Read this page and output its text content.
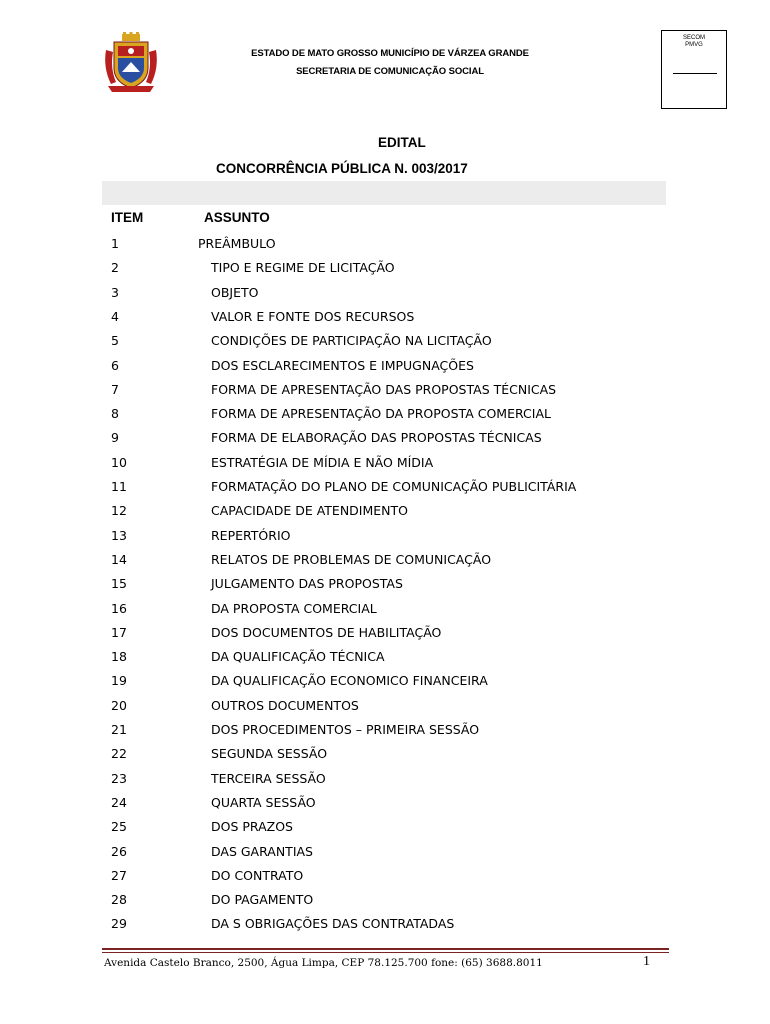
ESTADO DE MATO GROSSO MUNICÍPIO DE VÁRZEA GRANDE
SECRETARIA DE COMUNICAÇÃO SOCIAL
SECOM
PMVG
EDITAL
CONCORRÊNCIA PÚBLICA N. 003/2017
ITEM	ASSUNTO
1	PREÂMBULO
2	TIPO E REGIME DE LICITAÇÃO
3	OBJETO
4	VALOR E FONTE DOS RECURSOS
5	CONDIÇÕES DE PARTICIPAÇÃO NA LICITAÇÃO
6	DOS ESCLARECIMENTOS E IMPUGNAÇÕES
7	FORMA DE APRESENTAÇÃO DAS PROPOSTAS TÉCNICAS
8	FORMA DE APRESENTAÇÃO DA PROPOSTA COMERCIAL
9	FORMA DE ELABORAÇÃO DAS PROPOSTAS TÉCNICAS
10	ESTRATÉGIA DE MÍDIA E NÃO MÍDIA
11	FORMATAÇÃO DO PLANO DE COMUNICAÇÃO PUBLICITÁRIA
12	CAPACIDADE DE ATENDIMENTO
13	REPERTÓRIO
14	RELATOS DE PROBLEMAS DE COMUNICAÇÃO
15	JULGAMENTO DAS PROPOSTAS
16	DA PROPOSTA COMERCIAL
17	DOS DOCUMENTOS DE HABILITAÇÃO
18	DA QUALIFICAÇÃO TÉCNICA
19	DA QUALIFICAÇÃO ECONOMICO FINANCEIRA
20	OUTROS DOCUMENTOS
21	DOS PROCEDIMENTOS – PRIMEIRA SESSÃO
22	SEGUNDA SESSÃO
23	TERCEIRA SESSÃO
24	QUARTA SESSÃO
25	DOS PRAZOS
26	DAS GARANTIAS
27	DO CONTRATO
28	DO PAGAMENTO
29	DA S OBRIGAÇÕES DAS CONTRATADAS
Avenida Castelo Branco, 2500, Água Limpa, CEP 78.125.700 fone: (65) 3688.8011	1
